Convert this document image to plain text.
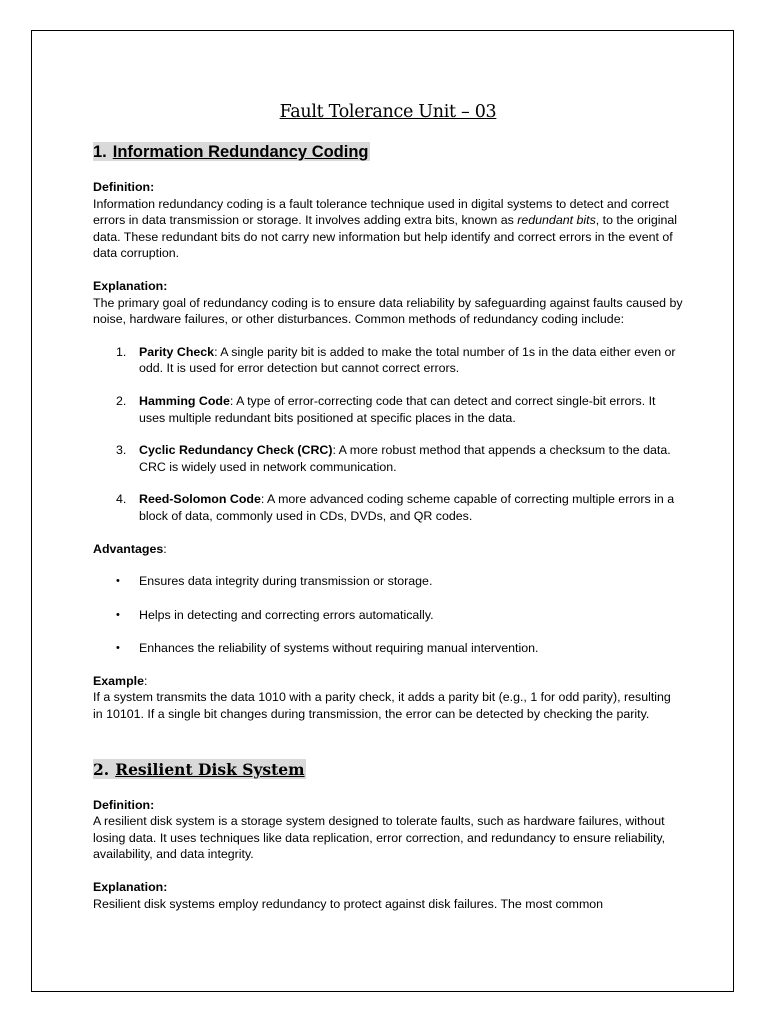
Fault Tolerance Unit – 03
1. Information Redundancy Coding

Definition:

Information redundancy coding is a fault tolerance technique used in digital systems to detect and correct errors in data transmission or storage. It involves adding extra bits, known as redundant bits, to the original data. These redundant bits do not carry new information but help identify and correct errors in the event of data corruption.

Explanation:

The primary goal of redundancy coding is to ensure data reliability by safeguarding against faults caused by noise, hardware failures, or other disturbances. Common methods of redundancy coding include:

1. Parity Check: A single parity bit is added to make the total number of 1s in the data either even or odd. It is used for error detection but cannot correct errors.
2. Hamming Code: A type of error-correcting code that can detect and correct single-bit errors. It uses multiple redundant bits positioned at specific places in the data.
3. Cyclic Redundancy Check (CRC): A more robust method that appends a checksum to the data. CRC is widely used in network communication.
4. Reed-Solomon Code: A more advanced coding scheme capable of correcting multiple errors in a block of data, commonly used in CDs, DVDs, and QR codes.

Advantages:

• Ensures data integrity during transmission or storage.
• Helps in detecting and correcting errors automatically.
• Enhances the reliability of systems without requiring manual intervention.

Example:

If a system transmits the data 1010 with a parity check, it adds a parity bit (e.g., 1 for odd parity), resulting in 10101. If a single bit changes during transmission, the error can be detected by checking the parity.

2. Resilient Disk System

Definition:

A resilient disk system is a storage system designed to tolerate faults, such as hardware failures, without losing data. It uses techniques like data replication, error correction, and redundancy to ensure reliability, availability, and data integrity.

Explanation:

Resilient disk systems employ redundancy to protect against disk failures. The most common
